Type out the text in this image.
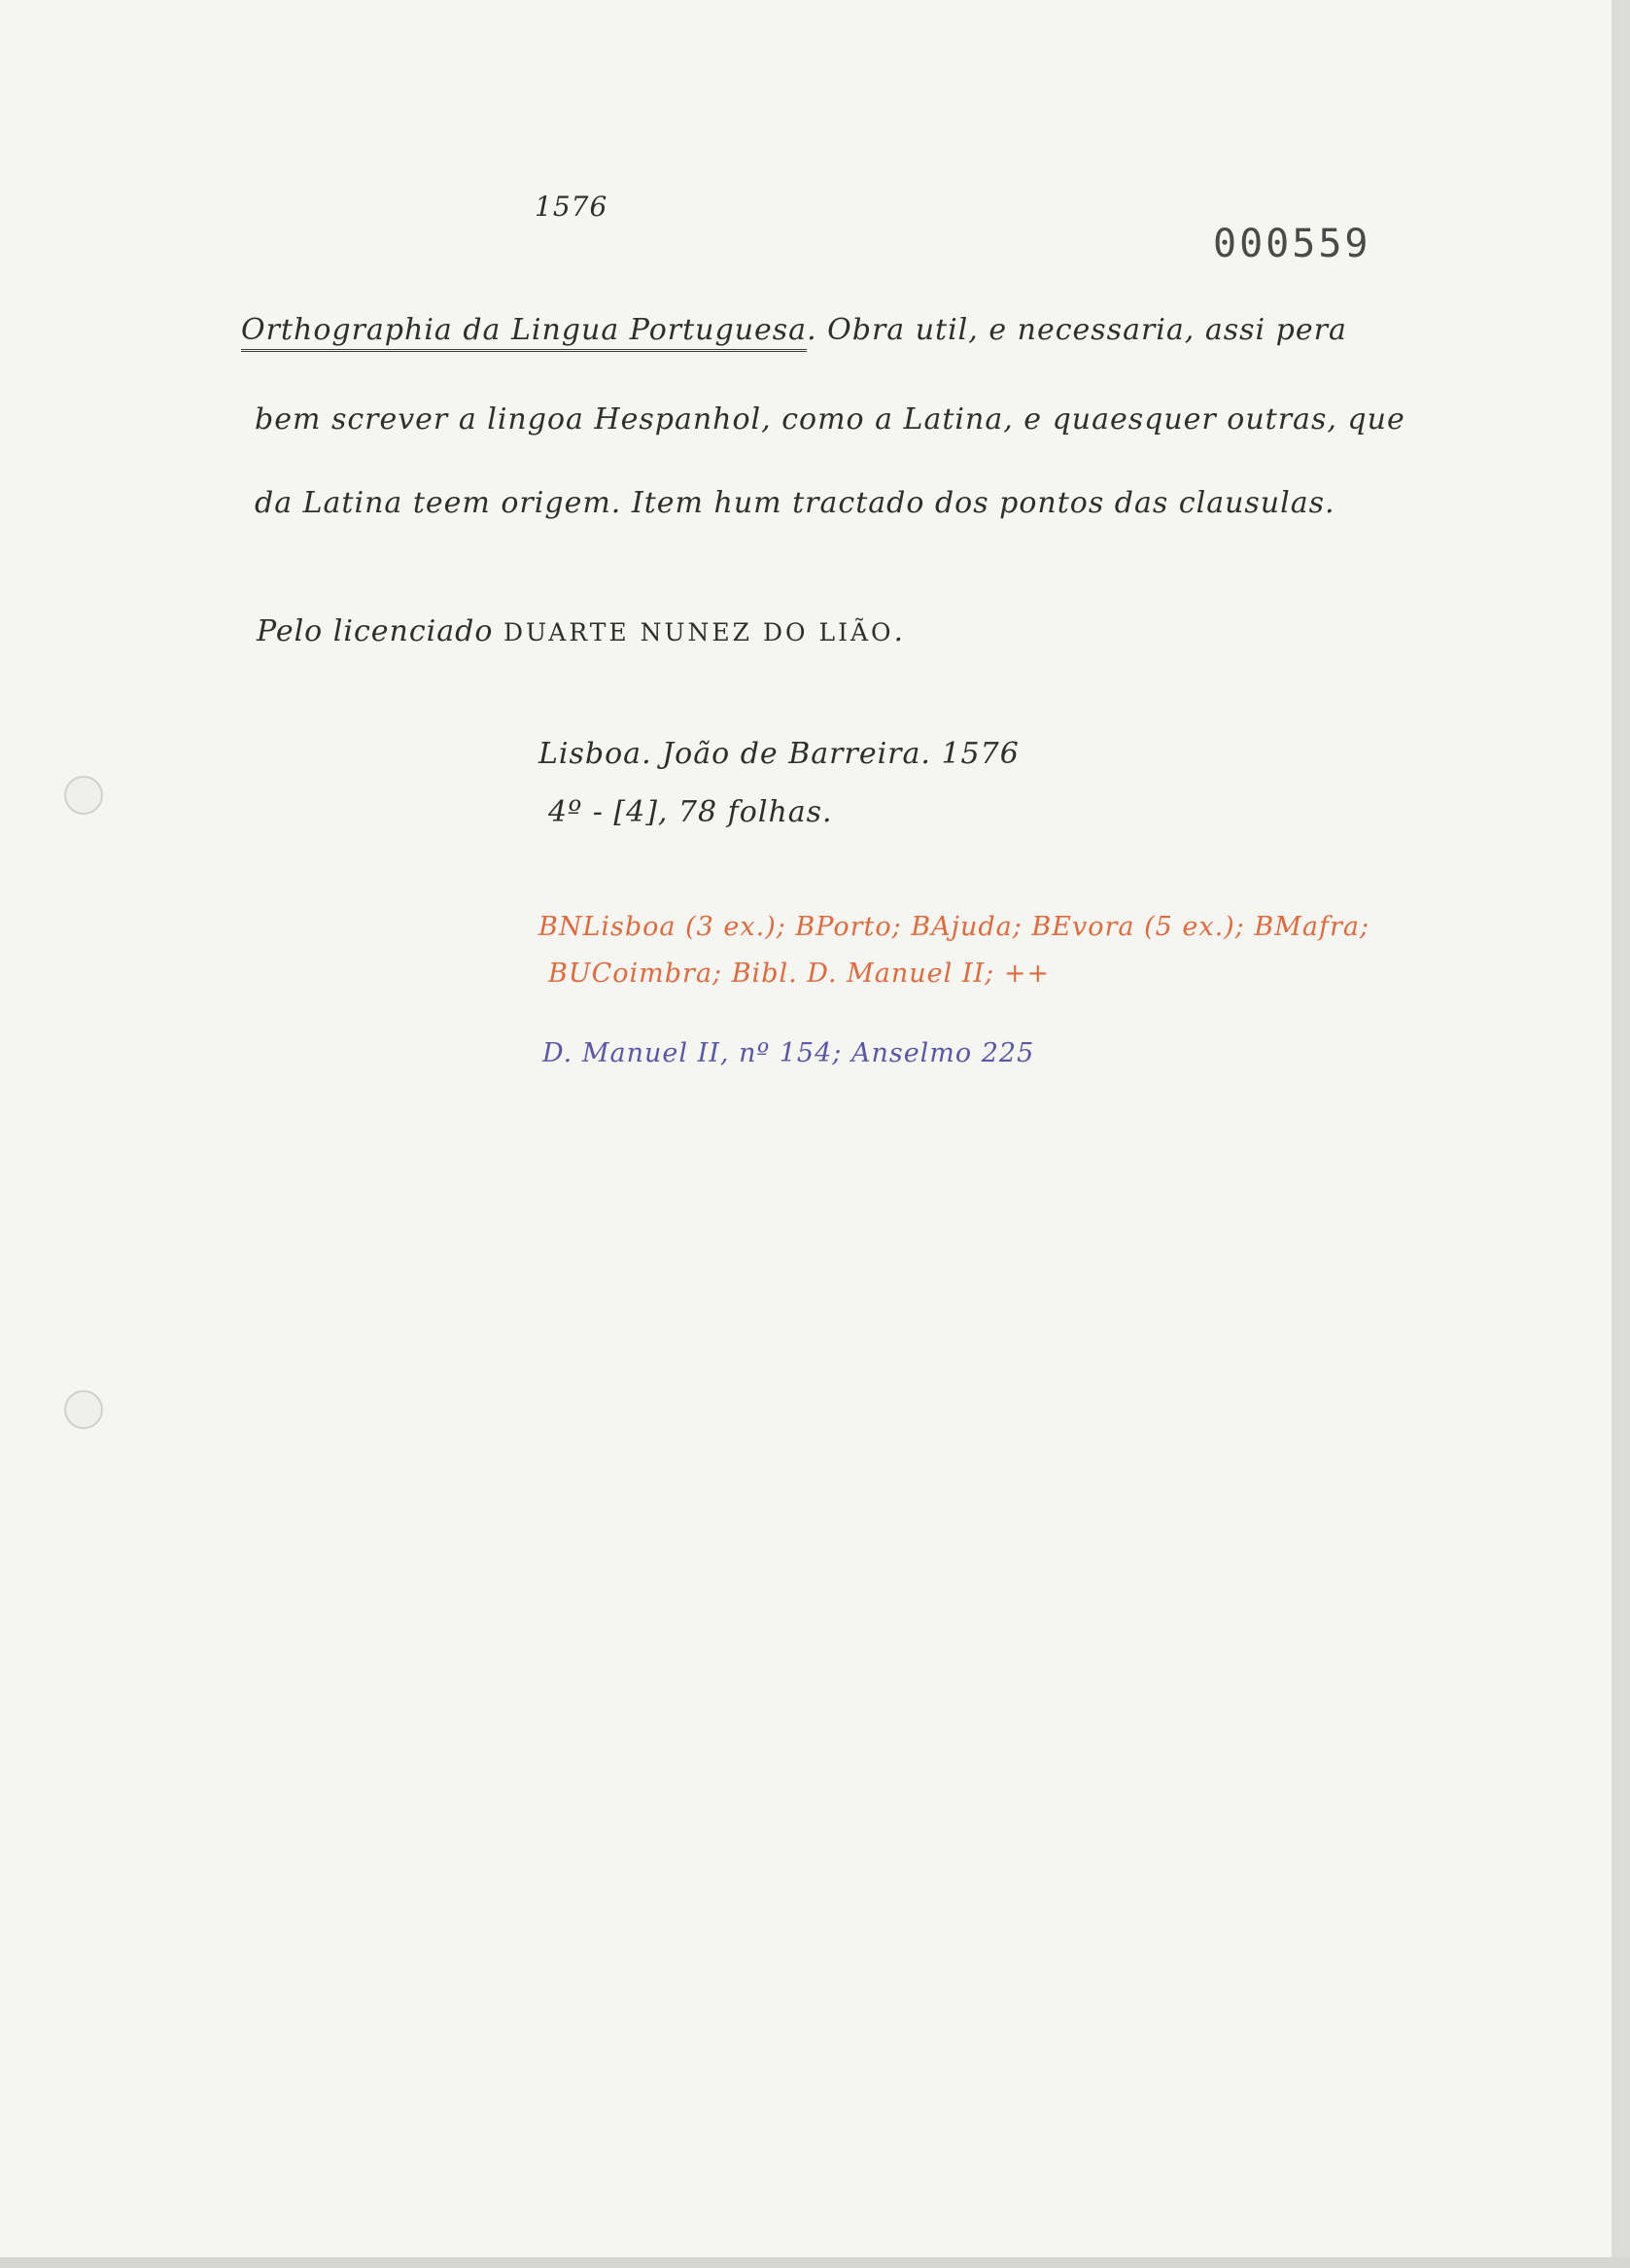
1576
000559
Orthographia da Lingua Portuguesa. Obra util, e necessaria, assi pera
bem screver a lingoa Hespanhol, como a Latina, e quaesquer outras, que
da Latina teem origem. Item hum tractado dos pontos das clausulas.
Pelo licenciado DUARTE NUNEZ DO LIÃO.
Lisboa. João de Barreira. 1576
4º - [4], 78 folhas.
BNLisboa (3 ex.); BPorto; BAjuda; BEvora (5 ex.); BMafra;
BUCoimbra; Bibl. D. Manuel II; ++
D. Manuel II, nº 154; Anselmo 225
